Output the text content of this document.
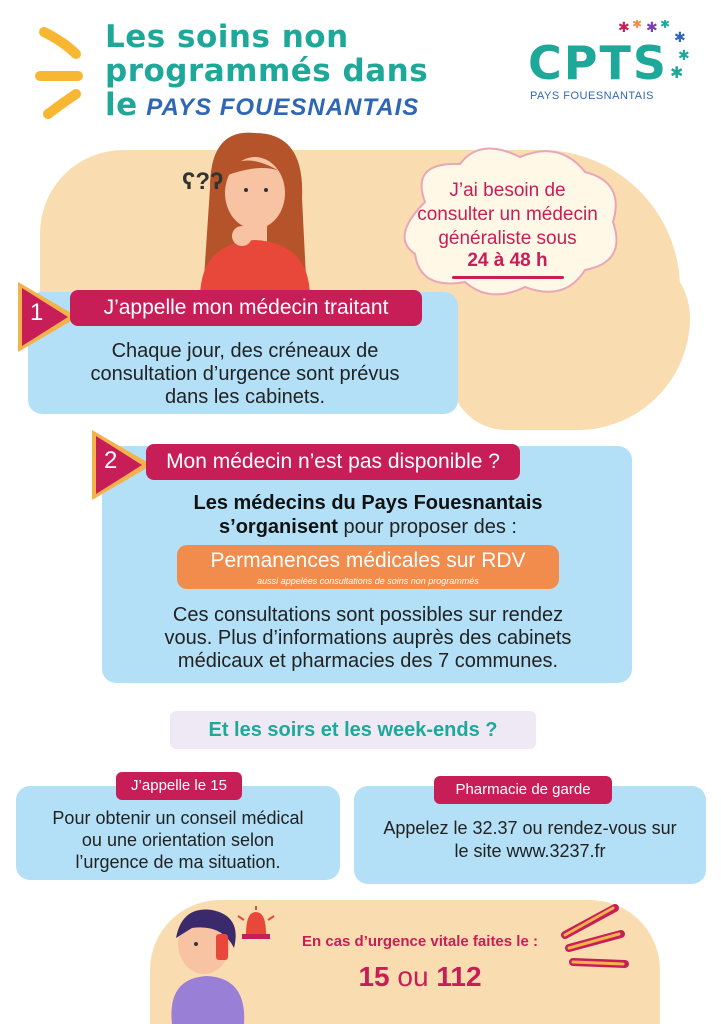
Les soins non
programmés dans
le PAYS FOUESNANTAIS
✱ ✱ ✱ ✱
✱
✱
✱
CPTS
PAYS FOUESNANTAIS
ʕ?ʔ	J’ai besoin de
consulter un médecin
généraliste sous
24 à 48 h
1	J’appelle mon médecin traitant
Chaque jour, des créneaux de
consultation d’urgence sont prévus
dans les cabinets.
2	Mon médecin n’est pas disponible ?
Les médecins du Pays Fouesnantais
s’organisent pour proposer des :
Permanences médicales sur RDV
aussi appelées consultations de soins non programmés
Ces consultations sont possibles sur rendez
vous. Plus d’informations auprès des cabinets
médicaux et pharmacies des 7 communes.
Et les soirs et les week-ends ?
J’appelle le 15
Pour obtenir un conseil médical
ou une orientation selon
l’urgence de ma situation.
Pharmacie de garde
Appelez le 32.37 ou rendez-vous sur
le site www.3237.fr
En cas d’urgence vitale faites le :
15 ou 112
